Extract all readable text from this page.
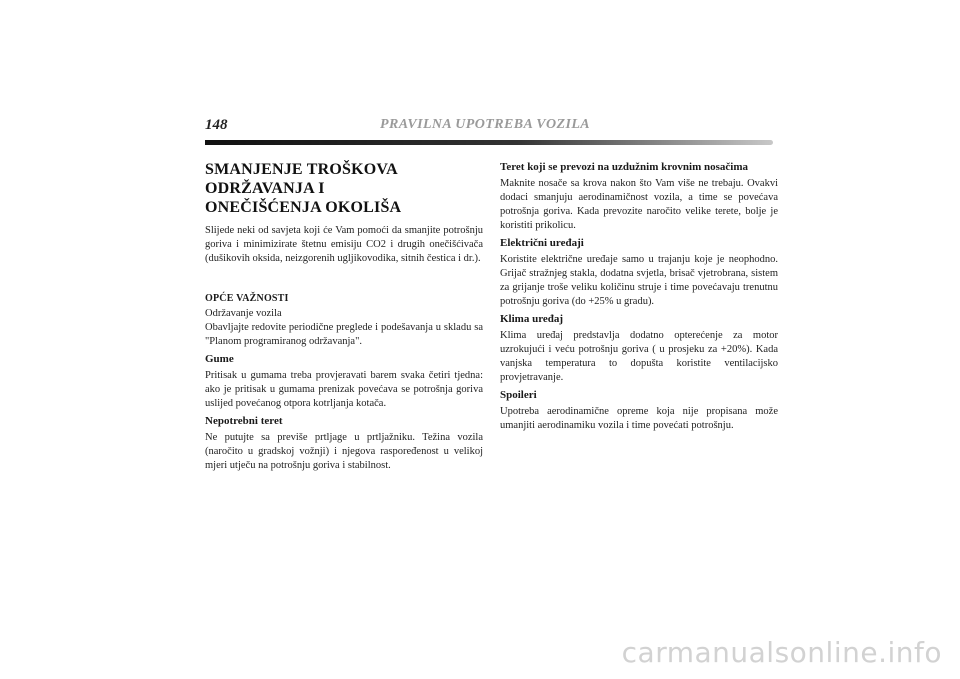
148	PRAVILNA UPOTREBA VOZILA
SMANJENJE TROŠKOVA ODRŽAVANJA I
ONEČIŠĆENJA OKOLIŠA

Slijede neki od savjeta koji će Vam pomoći da smanjite potrošnju goriva i minimizirate štetnu emisiju CO2 i drugih onečišćivača (dušikovih oksida, neizgorenih ugljikovodika, sitnih čestica i dr.).

OPĆE VAŽNOSTI

Održavanje vozila

Obavljajte redovite periodične preglede i podešavanja u skladu sa "Planom programiranog održavanja".

Gume

Pritisak u gumama treba provjeravati barem svaka četiri tjedna: ako je pritisak u gumama prenizak povećava se potrošnja goriva uslijed povećanog otpora kotrljanja kotača.

Nepotrebni teret

Ne putujte sa previše prtljage u prtljažniku. Težina vozila (naročito u gradskoj vožnji) i njegova raspoređenost u velikoj mjeri utječu na potrošnju goriva i stabilnost.

Teret koji se prevozi na uzdužnim krovnim nosačima

Maknite nosače sa krova nakon što Vam više ne trebaju. Ovakvi dodaci smanjuju aerodinamičnost vozila, a time se povećava potrošnja goriva. Kada prevozite naročito velike terete, bolje je koristiti prikolicu.

Električni uređaji

Koristite električne uređaje samo u trajanju koje je neophodno. Grijač stražnjeg stakla, dodatna svjetla, brisač vjetrobrana, sistem za grijanje troše veliku količinu struje i time povećavaju trenutnu potrošnju goriva (do +25% u gradu).

Klima uređaj

Klima uređaj predstavlja dodatno opterećenje za motor uzrokujući i veću potrošnju goriva ( u prosjeku za +20%). Kada vanjska temperatura to dopušta koristite ventilacijsko provjetravanje.

Spoileri

Upotreba aerodinamične opreme koja nije propisana može umanjiti aerodinamiku vozila i time povećati potrošnju.

carmanualsonline.info
